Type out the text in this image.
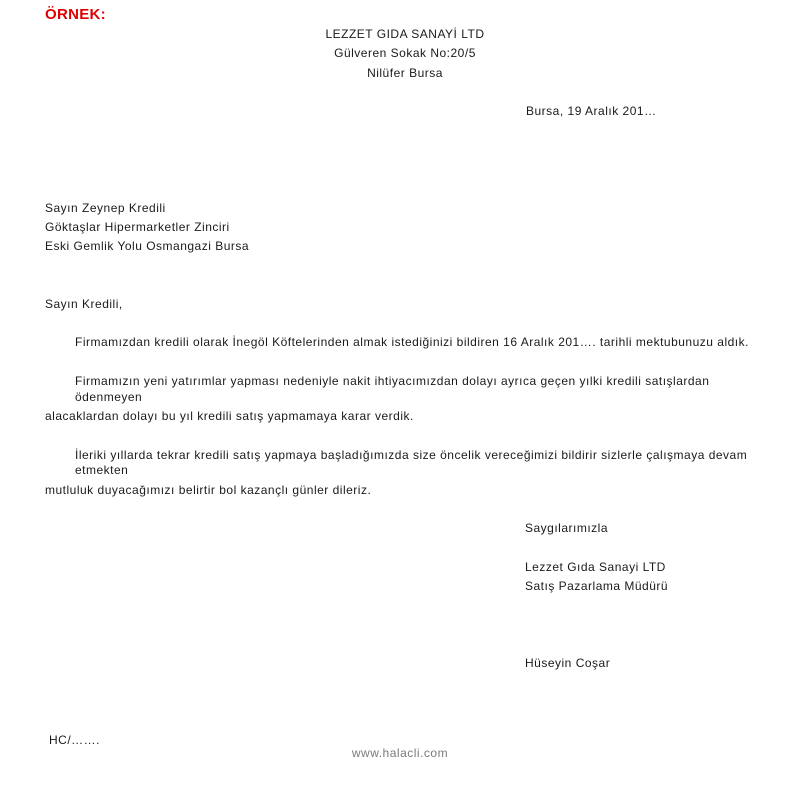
ÖRNEK:
LEZZET GIDA SANAYİ LTD
Gülveren Sokak No:20/5
Nilüfer Bursa
Bursa, 19 Aralık 201…
Sayın Zeynep Kredili
Göktaşlar Hipermarketler Zinciri
Eski Gemlik Yolu Osmangazi Bursa
Sayın Kredili,
Firmamızdan kredili olarak İnegöl Köftelerinden almak istediğinizi bildiren 16 Aralık 201…. tarihli mektubunuzu aldık.
Firmamızın yeni yatırımlar yapması nedeniyle nakit ihtiyacımızdan dolayı ayrıca geçen yılki kredili satışlardan
ödenmeyen
alacaklardan dolayı bu yıl kredili satış yapmamaya karar verdik.
İleriki yıllarda tekrar kredili satış yapmaya başladığımızda size öncelik vereceğimizi bildirir sizlerle çalışmaya devam
etmekten
mutluluk duyacağımızı belirtir bol kazançlı günler dileriz.
Saygılarımızla
Lezzet Gıda Sanayi LTD
Satış Pazarlama Müdürü
Hüseyin Coşar
HC/…….
www.halacli.com
